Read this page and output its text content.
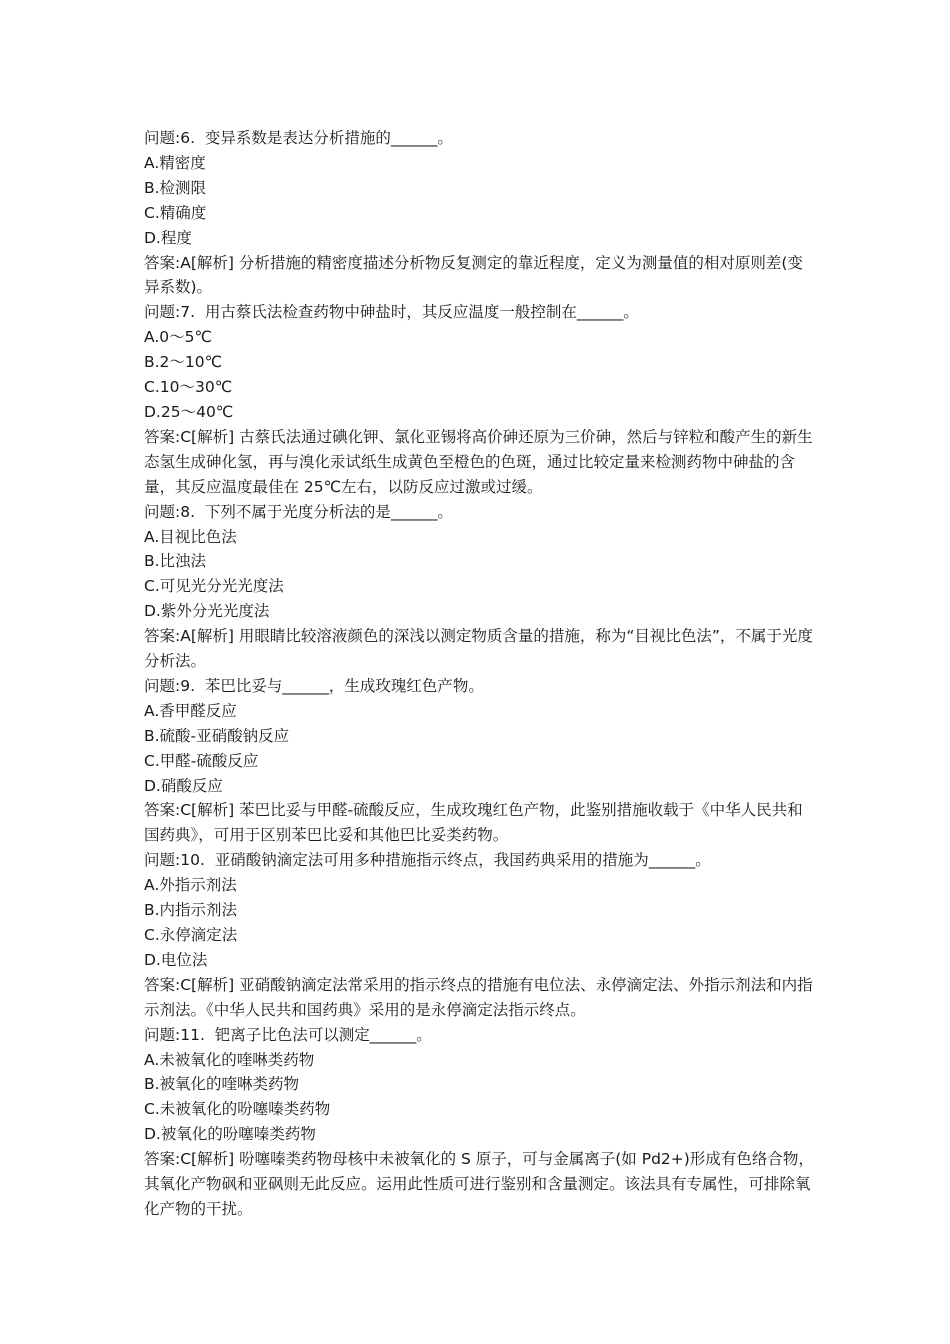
问题:6.  变异系数是表达分析措施的______。
A.精密度
B.检测限
C.精确度
D.程度
答案:A[解析] 分析措施的精密度描述分析物反复测定的靠近程度，定义为测量值的相对原则差(变异系数)。
问题:7.  用古蔡氏法检查药物中砷盐时，其反应温度一般控制在______。
A.0～5℃
B.2～10℃
C.10～30℃
D.25～40℃
答案:C[解析] 古蔡氏法通过碘化钾、氯化亚锡将高价砷还原为三价砷，然后与锌粒和酸产生的新生态氢生成砷化氢，再与溴化汞试纸生成黄色至橙色的色斑，通过比较定量来检测药物中砷盐的含量，其反应温度最佳在 25℃左右，以防反应过激或过缓。
问题:8.  下列不属于光度分析法的是______。
A.目视比色法
B.比浊法
C.可见光分光光度法
D.紫外分光光度法
答案:A[解析] 用眼睛比较溶液颜色的深浅以测定物质含量的措施，称为“目视比色法”，不属于光度分析法。
问题:9.  苯巴比妥与______，生成玫瑰红色产物。
A.香甲醛反应
B.硫酸-亚硝酸钠反应
C.甲醛-硫酸反应
D.硝酸反应
答案:C[解析] 苯巴比妥与甲醛-硫酸反应，生成玫瑰红色产物，此鉴别措施收载于《中华人民共和国药典》，可用于区别苯巴比妥和其他巴比妥类药物。
问题:10.  亚硝酸钠滴定法可用多种措施指示终点，我国药典采用的措施为______。
A.外指示剂法
B.内指示剂法
C.永停滴定法
D.电位法
答案:C[解析] 亚硝酸钠滴定法常采用的指示终点的措施有电位法、永停滴定法、外指示剂法和内指示剂法。《中华人民共和国药典》采用的是永停滴定法指示终点。
问题:11.  钯离子比色法可以测定______。
A.未被氧化的喹啉类药物
B.被氧化的喹啉类药物
C.未被氧化的吩噻嗪类药物
D.被氧化的吩噻嗪类药物
答案:C[解析] 吩噻嗪类药物母核中未被氧化的 S 原子，可与金属离子(如 Pd2+)形成有色络合物，其氧化产物砜和亚砜则无此反应。运用此性质可进行鉴别和含量测定。该法具有专属性，可排除氧化产物的干扰。
